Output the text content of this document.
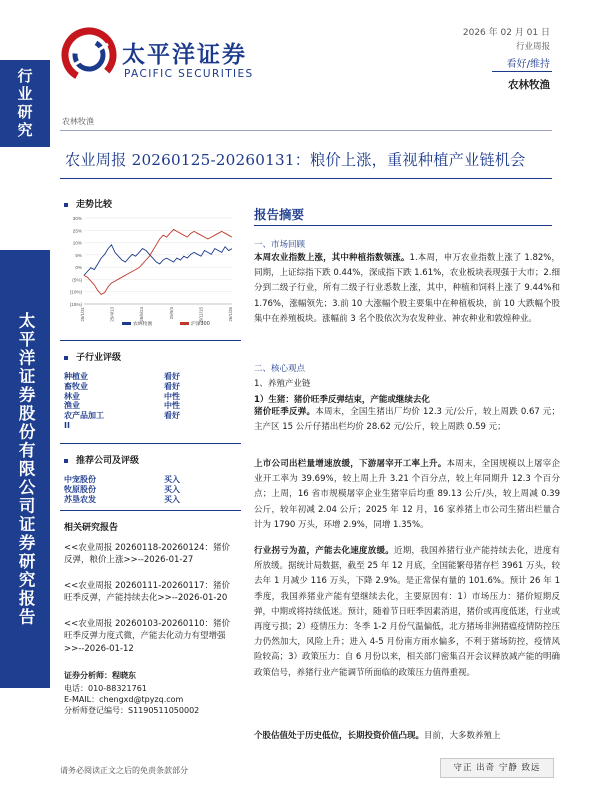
太平洋证券
PACIFIC SECURITIES
2026 年 02 月 01 日
行业周报
看好/维持
农林牧渔
行业研究
太平洋证券股份有限公司证券研究报告
农林牧渔
农业周报 20260125-20260131：粮价上涨，重视种植产业链机会
走势比较
30%
25%
10%
5%
0%
(5%)
(10%)
(15%)
25/1/31	25/4/13	25/6/24	25/9/4	25/11/15	26/1/26
农林牧渔	沪深300
子行业评级
种植业	看好
畜牧业	看好
林业	中性
渔业	中性
农产品加工	看好
II	
推荐公司及评级
中宠股份	买入
牧原股份	买入
苏垦农发	买入
相关研究报告
<<农业周报 20260118-20260124：猪价反弹，粮价上涨>>--2026-01-27
<<农业周报 20260111-20260117：猪价旺季反弹，产能持续去化>>--2026-01-20
<<农业周报 20260103-20260110：猪价旺季反弹力度式微，产能去化动力有望增强>>--2026-01-12
证券分析师：程晓东
电话：010-88321761
E-MAIL：chengxd@tpyzq.com
分析师登记编号：S1190511050002
报告摘要
一、市场回顾
本周农业指数上涨，其中种植指数领涨。1.本周，申万农业指数上涨了 1.82%，同期，上证综指下跌 0.44%，深成指下跌 1.61%，农业板块表现强于大市；2.细分到二级子行业，所有二级子行业悉数上涨，其中，种植和饲料上涨了 9.44%和 1.76%，涨幅领先；3.前 10 大涨幅个股主要集中在种植板块，前 10 大跌幅个股集中在养殖板块。涨幅前 3 名个股依次为农发种业、神农种业和敦煌种业。
二、核心观点
1、养殖产业链
1）生猪：猪价旺季反弹结束，产能或继续去化
猪价旺季反弹。本周末，全国生猪出厂均价 12.3 元/公斤，较上周跌 0.67 元；主产区 15 公斤仔猪出栏均价 28.62 元/公斤，较上周跌 0.59 元；
上市公司出栏量增速放缓，下游屠宰开工率上升。本周末，全国规模以上屠宰企业开工率为 39.69%，较上周上升 3.21 个百分点，较上年同期升 12.3 个百分点；上周，16 省市规模屠宰企业生猪宰后均重 89.13 公斤/头，较上周减 0.39 公斤，较年初减 2.04 公斤；2025 年 12 月，16 家养猪上市公司生猪出栏量合计为 1790 万头，环增 2.9%，同增 1.35%。
行业拐亏为盈，产能去化速度放缓。近期，我国养猪行业产能持续去化，进度有所放缓。据统计局数据，截至 25 年 12 月底，全国能繁母猪存栏 3961 万头，较去年 1 月减少 116 万头，下降 2.9%。是正常保有量的 101.6%。预计 26 年 1 季度，我国养猪业产能有望继续去化，主要原因有：1）市场压力：猪价短期反弹，中期或将持续低迷。预计，随着节日旺季因素消退，猪价或再度低迷，行业或再度亏损；2）疫情压力：冬季 1-2 月份气温偏低，北方猪场非洲猪瘟疫情防控压力仍然加大，风险上升；进入 4-5 月份南方雨水偏多，不利于猪场防控，疫情风险较高；3）政策压力：自 6 月份以来，相关部门密集召开会议释放减产能的明确政策信号，养猪行业产能调节所面临的政策压力值得重视。
个股估值处于历史低位，长期投资价值凸现。目前，大多数养殖上
请务必阅读正文之后的免责条款部分	守正 出奇 宁静 致远
